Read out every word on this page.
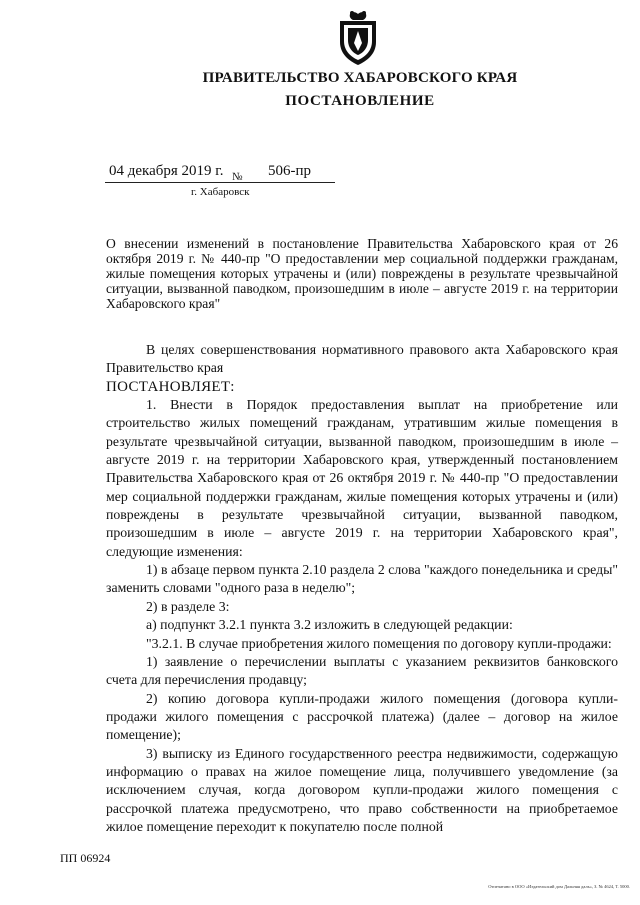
ПРАВИТЕЛЬСТВО ХАБАРОВСКОГО КРАЯ
ПОСТАНОВЛЕНИЕ
04 декабря 2019 г. № 506-пр
г. Хабаровск
О внесении изменений в постановление Правительства Хабаровского края от 26 октября 2019 г. № 440-пр "О предоставлении мер социальной поддержки гражданам, жилые помещения которых утрачены и (или) повреждены в результате чрезвычайной ситуации, вызванной паводком, произошедшим в июле – августе 2019 г. на территории Хабаровского края"

В целях совершенствования нормативного правового акта Хабаровского края Правительство края

ПОСТАНОВЛЯЕТ:

1. Внести в Порядок предоставления выплат на приобретение или строительство жилых помещений гражданам, утратившим жилые помещения в результате чрезвычайной ситуации, вызванной паводком, произошедшим в июле – августе 2019 г. на территории Хабаровского края, утвержденный постановлением Правительства Хабаровского края от 26 октября 2019 г. № 440-пр "О предоставлении мер социальной поддержки гражданам, жилые помещения которых утрачены и (или) повреждены в результате чрезвычайной ситуации, вызванной паводком, произошедшим в июле – августе 2019 г. на территории Хабаровского края", следующие изменения:

1) в абзаце первом пункта 2.10 раздела 2 слова "каждого понедельника и среды" заменить словами "одного раза в неделю";

2) в разделе 3:

а) подпункт 3.2.1 пункта 3.2 изложить в следующей редакции:

"3.2.1. В случае приобретения жилого помещения по договору купли-продажи:

1) заявление о перечислении выплаты с указанием реквизитов банковского счета для перечисления продавцу;

2) копию договора купли-продажи жилого помещения (договора купли-продажи жилого помещения с рассрочкой платежа) (далее – договор на жилое помещение);

3) выписку из Единого государственного реестра недвижимости, содержащую информацию о правах на жилое помещение лица, получившего уведомление (за исключением случая, когда договором купли-продажи жилого помещения с рассрочкой платежа предусмотрено, что право собственности на приобретаемое жилое помещение переходит к покупателю после полной

ПП 06924
Отпечатано в ООО «Издательский дом Дальняя даль», З. № 4624, Т. 5000.
